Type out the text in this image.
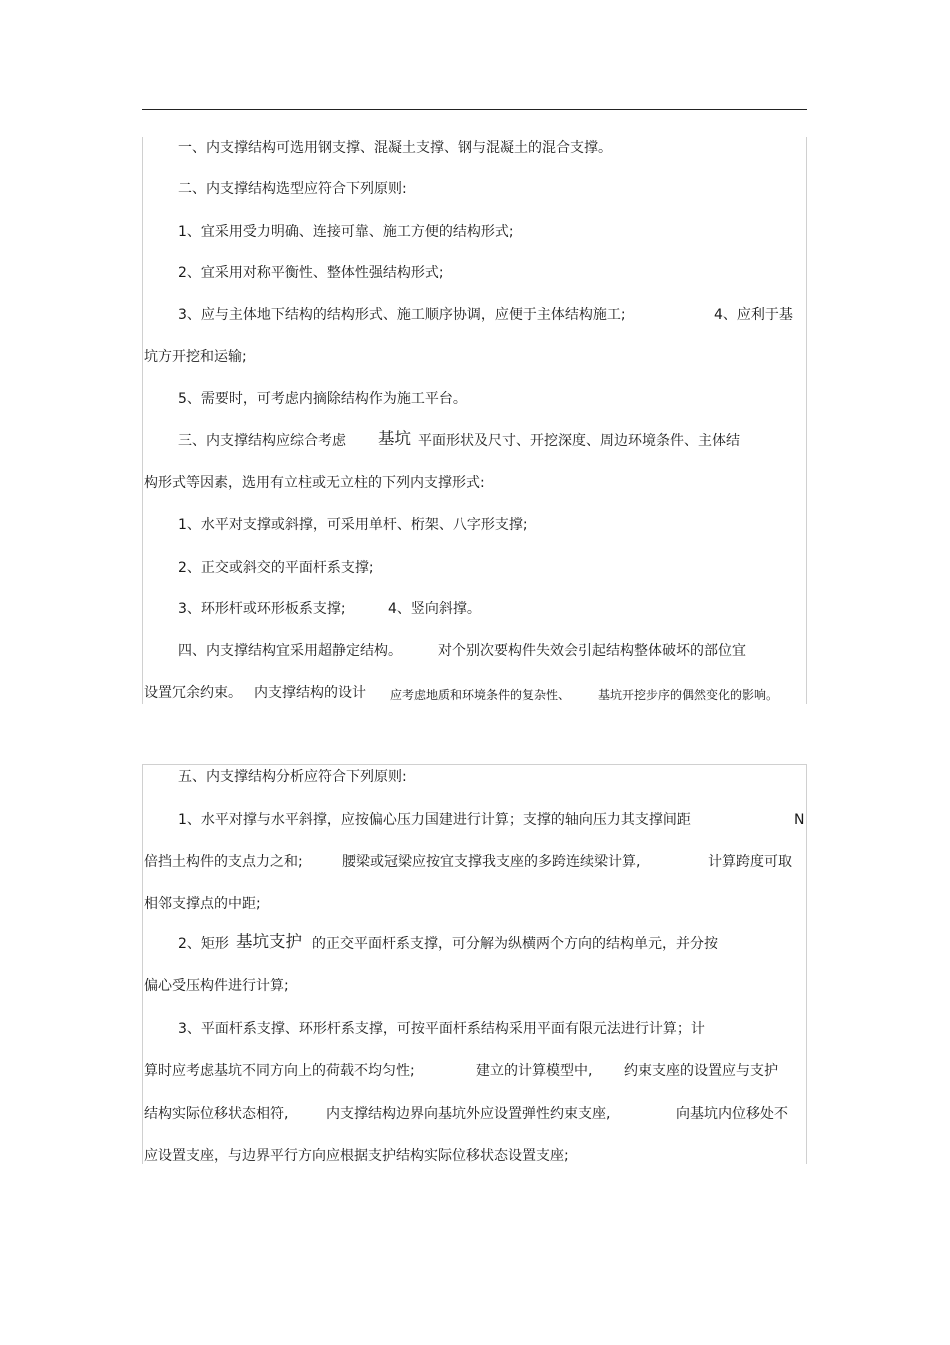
一、内支撑结构可选用钢支撑、混凝土支撑、钢与混凝土的混合支撑。

二、内支撑结构选型应符合下列原则:

1、宜采用受力明确、连接可靠、施工方便的结构形式;

2、宜采用对称平衡性、整体性强结构形式;

3、应与主体地下结构的结构形式、施工顺序协调，应便于主体结构施工;	4、应利于基

坑方开挖和运输;

5、需要时，可考虑内摘除结构作为施工平台。

三、内支撑结构应综合考虑 基坑 平面形状及尺寸、开挖深度、周边环境条件、主体结

构形式等因素，选用有立柱或无立柱的下列内支撑形式:

1、水平对支撑或斜撑，可采用单杆、桁架、八字形支撑;

2、正交或斜交的平面杆系支撑;

3、环形杆或环形板系支撑;	4、竖向斜撑。

四、内支撑结构宜采用超静定结构。	对个别次要构件失效会引起结构整体破坏的部位宜

设置冗余约束。 内支撑结构的设计 应考虑地质和环境条件的复杂性、 基坑开挖步序的偶然变化的影响。

五、内支撑结构分析应符合下列原则:

1、水平对撑与水平斜撑，应按偏心压力国建进行计算；支撑的轴向压力其支撑间距	N

倍挡土构件的支点力之和;	腰梁或冠梁应按宜支撑我支座的多跨连续梁计算,	计算跨度可取

相邻支撑点的中距;

2、矩形 基坑支护 的正交平面杆系支撑，可分解为纵横两个方向的结构单元，并分按

偏心受压构件进行计算;

3、平面杆系支撑、环形杆系支撑，可按平面杆系结构采用平面有限元法进行计算；计

算时应考虑基坑不同方向上的荷载不均匀性;	建立的计算模型中, 约束支座的设置应与支护

结构实际位移状态相符,	内支撑结构边界向基坑外应设置弹性约束支座,	向基坑内位移处不

应设置支座，与边界平行方向应根据支护结构实际位移状态设置支座;
